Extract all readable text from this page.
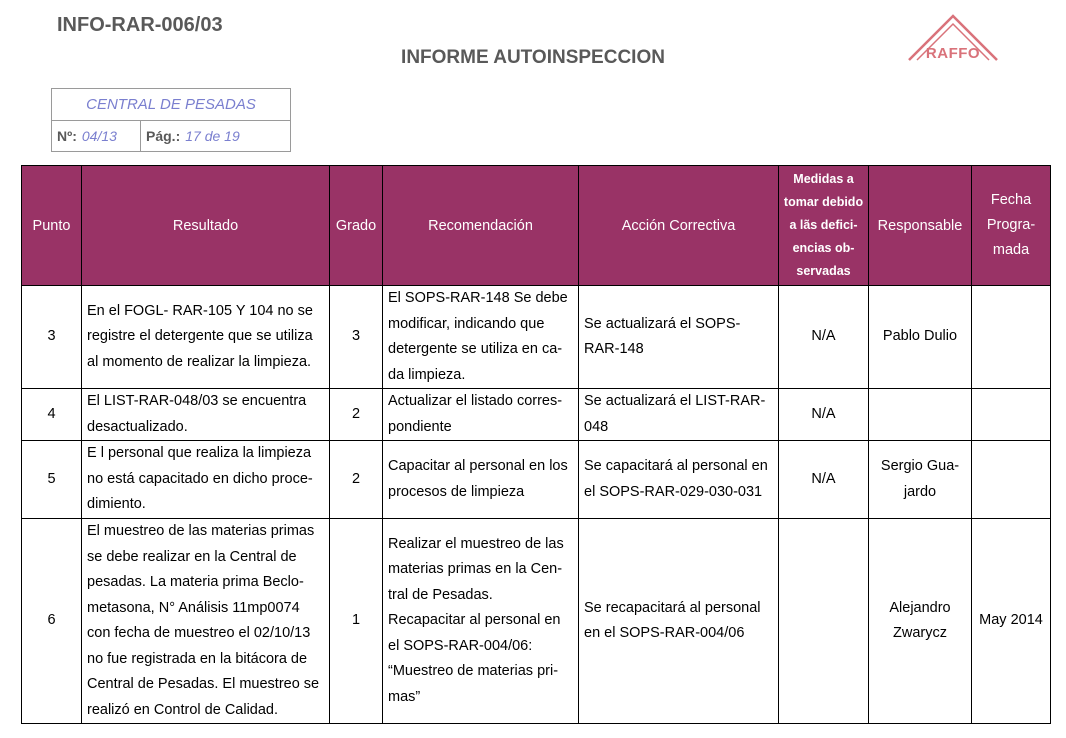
INFO-RAR-006/03
INFORME AUTOINSPECCION	RAFFO
CENTRAL DE PESADAS
Nº: 04/13	Pág.: 17 de 19
Punto	Resultado	Grado	Recomendación	Acción Correctiva	Medidas a tomar debido a lãs defici-encias ob-servadas	Responsable	Fecha Progra-mada
3	En el FOGL- RAR-105 Y 104 no se registre el detergente que se utiliza al momento de realizar la limpieza.	3	El SOPS-RAR-148 Se debe modificar, indicando que detergente se utiliza en ca-da limpieza.	Se actualizará el SOPS-RAR-148	N/A	Pablo Dulio	
4	El LIST-RAR-048/03 se encuentra desactualizado.	2	Actualizar el listado corres-pondiente	Se actualizará el LIST-RAR-048	N/A		
5	E l personal que realiza la limpieza no está capacitado en dicho proce-dimiento.	2	Capacitar al personal en los procesos de limpieza	Se capacitará al personal en el SOPS-RAR-029-030-031	N/A	Sergio Gua-jardo	
6	El muestreo de las materias primas se debe realizar en la Central de pesadas. La materia prima Beclo-metasona, N° Análisis 11mp0074 con fecha de muestreo el 02/10/13 no fue registrada en la bitácora de Central de Pesadas. El muestreo se realizó en Control de Calidad.	1	Realizar el muestreo de las materias primas en la Cen-tral de Pesadas. Recapacitar al personal en el SOPS-RAR-004/06: “Muestreo de materias pri-mas”	Se recapacitará al personal en el SOPS-RAR-004/06		Alejandro Zwarycz	May 2014
